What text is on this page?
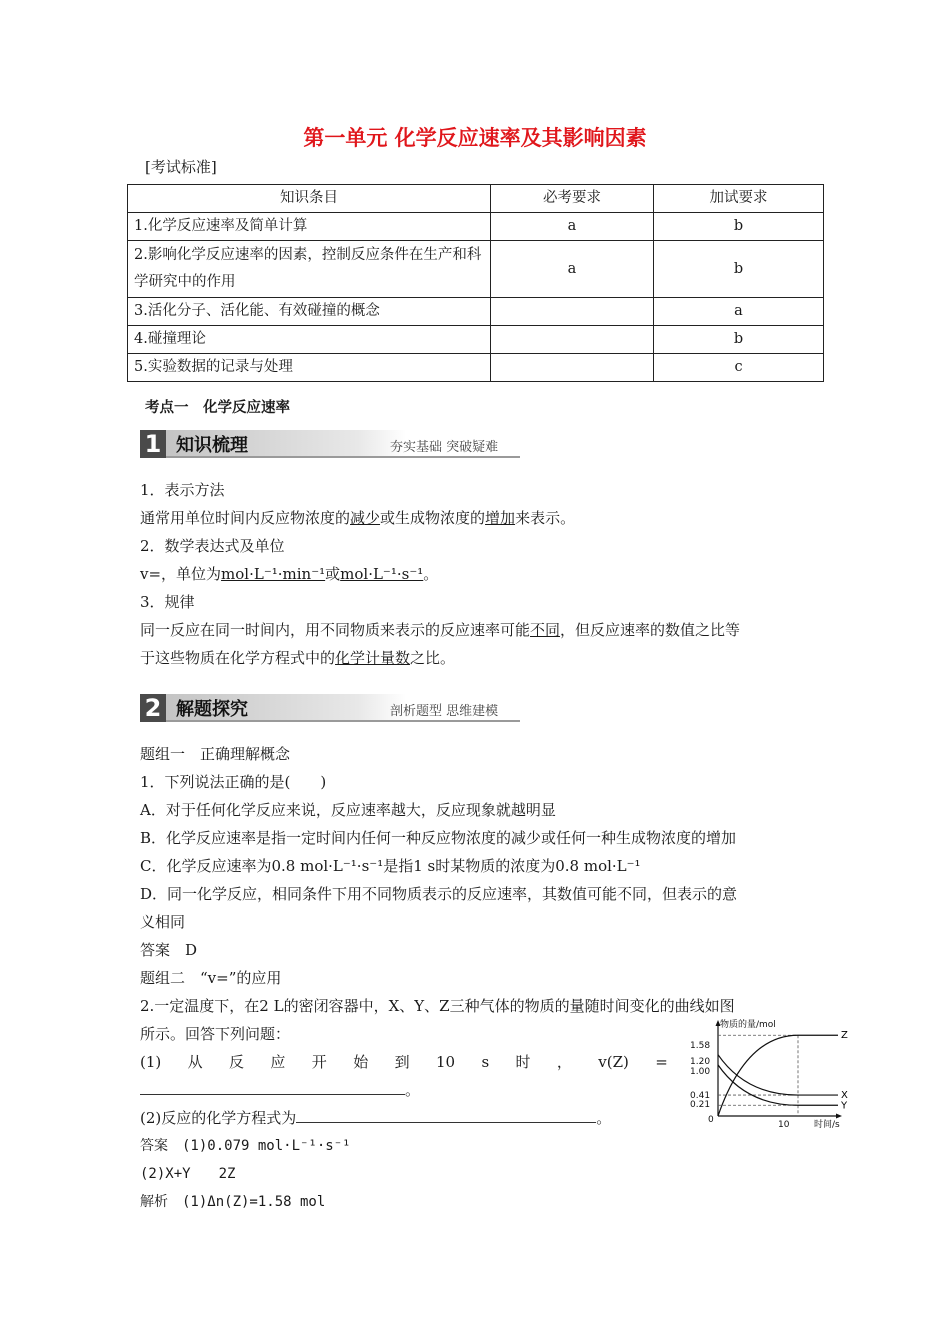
第一单元 化学反应速率及其影响因素
[考试标准]
知识条目	必考要求	加试要求
1.化学反应速率及简单计算	a	b
2.影响化学反应速率的因素，控制反应条件在生产和科学研究中的作用	a	b
3.活化分子、活化能、有效碰撞的概念		a
4.碰撞理论		b
5.实验数据的记录与处理		c
考点一　化学反应速率
1 知识梳理	夯实基础 突破疑难
1．表示方法
通常用单位时间内反应物浓度的减少或生成物浓度的增加来表示。
2．数学表达式及单位
v=，单位为mol·L⁻¹·min⁻¹或mol·L⁻¹·s⁻¹。
3．规律
同一反应在同一时间内，用不同物质来表示的反应速率可能不同，但反应速率的数值之比等
于这些物质在化学方程式中的化学计量数之比。
2 解题探究	剖析题型 思维建模
题组一　正确理解概念
1．下列说法正确的是(　　)
A．对于任何化学反应来说，反应速率越大，反应现象就越明显
B．化学反应速率是指一定时间内任何一种反应物浓度的减少或任何一种生成物浓度的增加
C．化学反应速率为0.8 mol·L⁻¹·s⁻¹是指1 s时某物质的浓度为0.8 mol·L⁻¹
D．同一化学反应，相同条件下用不同物质表示的反应速率，其数值可能不同，但表示的意
义相同
答案　D
题组二　“v=”的应用
2.一定温度下，在2 L的密闭容器中，X、Y、Z三种气体的物质的量随时间变化的曲线如图
所示。回答下列问题：
(1) 从 反 应 开 始 到 10 s 时 ， v(Z) =
。
(2)反应的化学方程式为	。
答案　(1)0.079 mol·L⁻¹·s⁻¹
(2)X+Y　　2Z
解析　(1)Δn(Z)=1.58 mol
物质的量/mol
时间/s
1.58
1.20
1.00
0.41
0.21
0	10
Z
X
Y
